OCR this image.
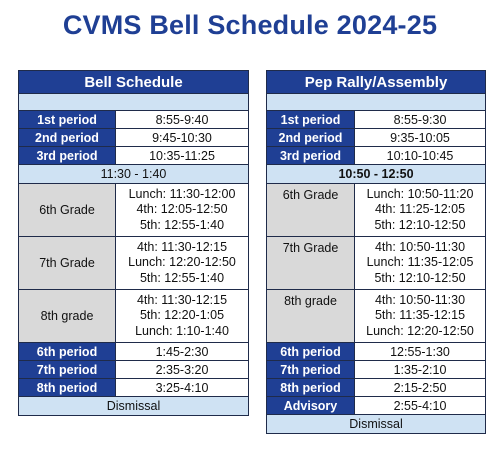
CVMS Bell Schedule 2024-25
Bell Schedule	

1st period	8:55-9:40
2nd period	9:45-10:30
3rd period	10:35-11:25
11:30 - 1:40	
6th Grade	Lunch: 11:30-12:00
4th: 12:05-12:50
5th: 12:55-1:40

7th Grade	4th: 11:30-12:15
Lunch: 12:20-12:50
5th: 12:55-1:40

8th grade	4th: 11:30-12:15
5th: 12:20-1:05
Lunch: 1:10-1:40

6th period	1:45-2:30
7th period	2:35-3:20
8th period	3:25-4:10
Dismissal	
Pep Rally/Assembly	

1st period	8:55-9:30
2nd period	9:35-10:05
3rd period	10:10-10:45
10:50 - 12:50	
6th Grade	Lunch: 10:50-11:20
4th: 11:25-12:05
5th: 12:10-12:50

7th Grade	4th: 10:50-11:30
Lunch: 11:35-12:05
5th: 12:10-12:50

8th grade	4th: 10:50-11:30
5th: 11:35-12:15
Lunch: 12:20-12:50

6th period	12:55-1:30
7th period	1:35-2:10
8th period	2:15-2:50
Advisory	2:55-4:10
Dismissal	
